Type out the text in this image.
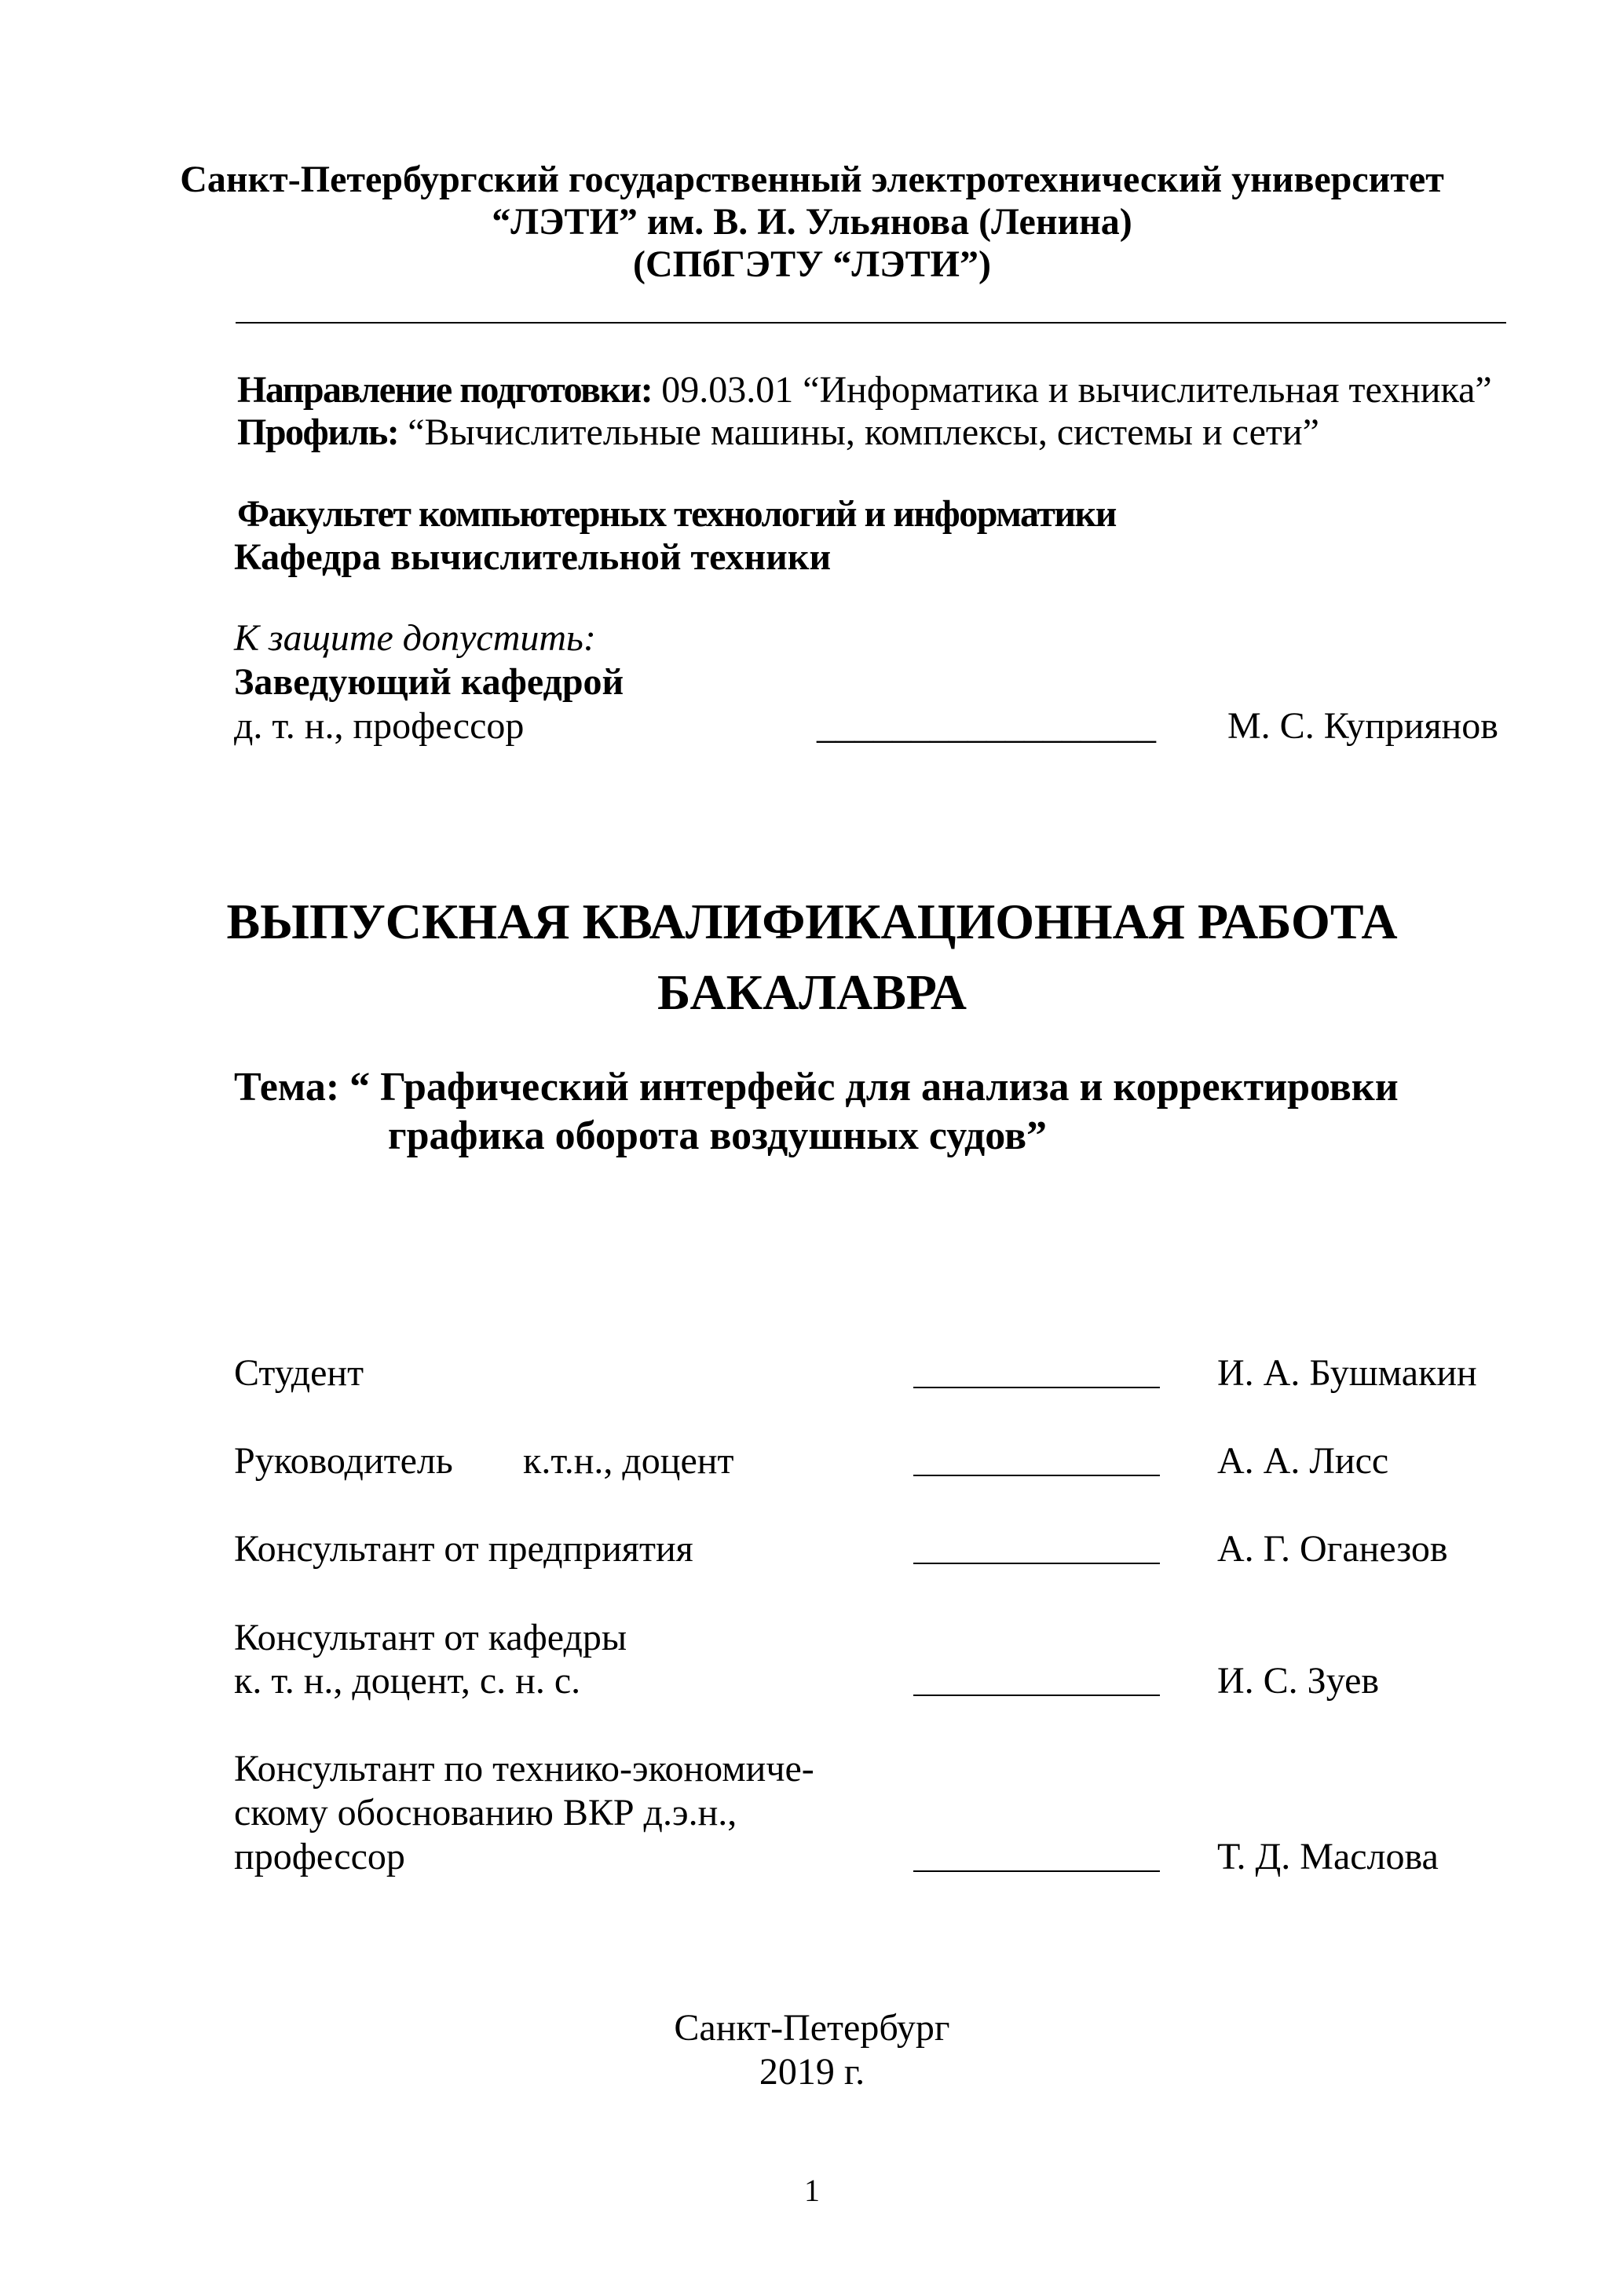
Санкт-Петербургский государственный электротехнический университет
“ЛЭТИ” им. В. И. Ульянова (Ленина)
(СПбГЭТУ “ЛЭТИ”)
Направление подготовки: 09.03.01 “Информатика и вычислительная техника”
Профиль: “Вычислительные машины, комплексы, системы и сети”
Факультет компьютерных технологий и информатики
Кафедра вычислительной техники
К защите допустить:
Заведующий кафедрой
д. т. н., профессор	__________________ М. С. Куприянов
ВЫПУСКНАЯ КВАЛИФИКАЦИОННАЯ РАБОТА
БАКАЛАВРА
Тема: “ Графический интерфейс для анализа и корректировки
графика оборота воздушных судов”
Студент	И. А. Бушмакин
Руководитель к.т.н., доцент	А. А. Лисс
Консультант от предприятия	А. Г. Оганезов
Консультант от кафедры
к. т. н., доцент, с. н. с.	И. С. Зуев
Консультант по технико-экономиче-
скому обоснованию ВКР д.э.н.,
профессор	Т. Д. Маслова
Санкт-Петербург
2019 г.
1
